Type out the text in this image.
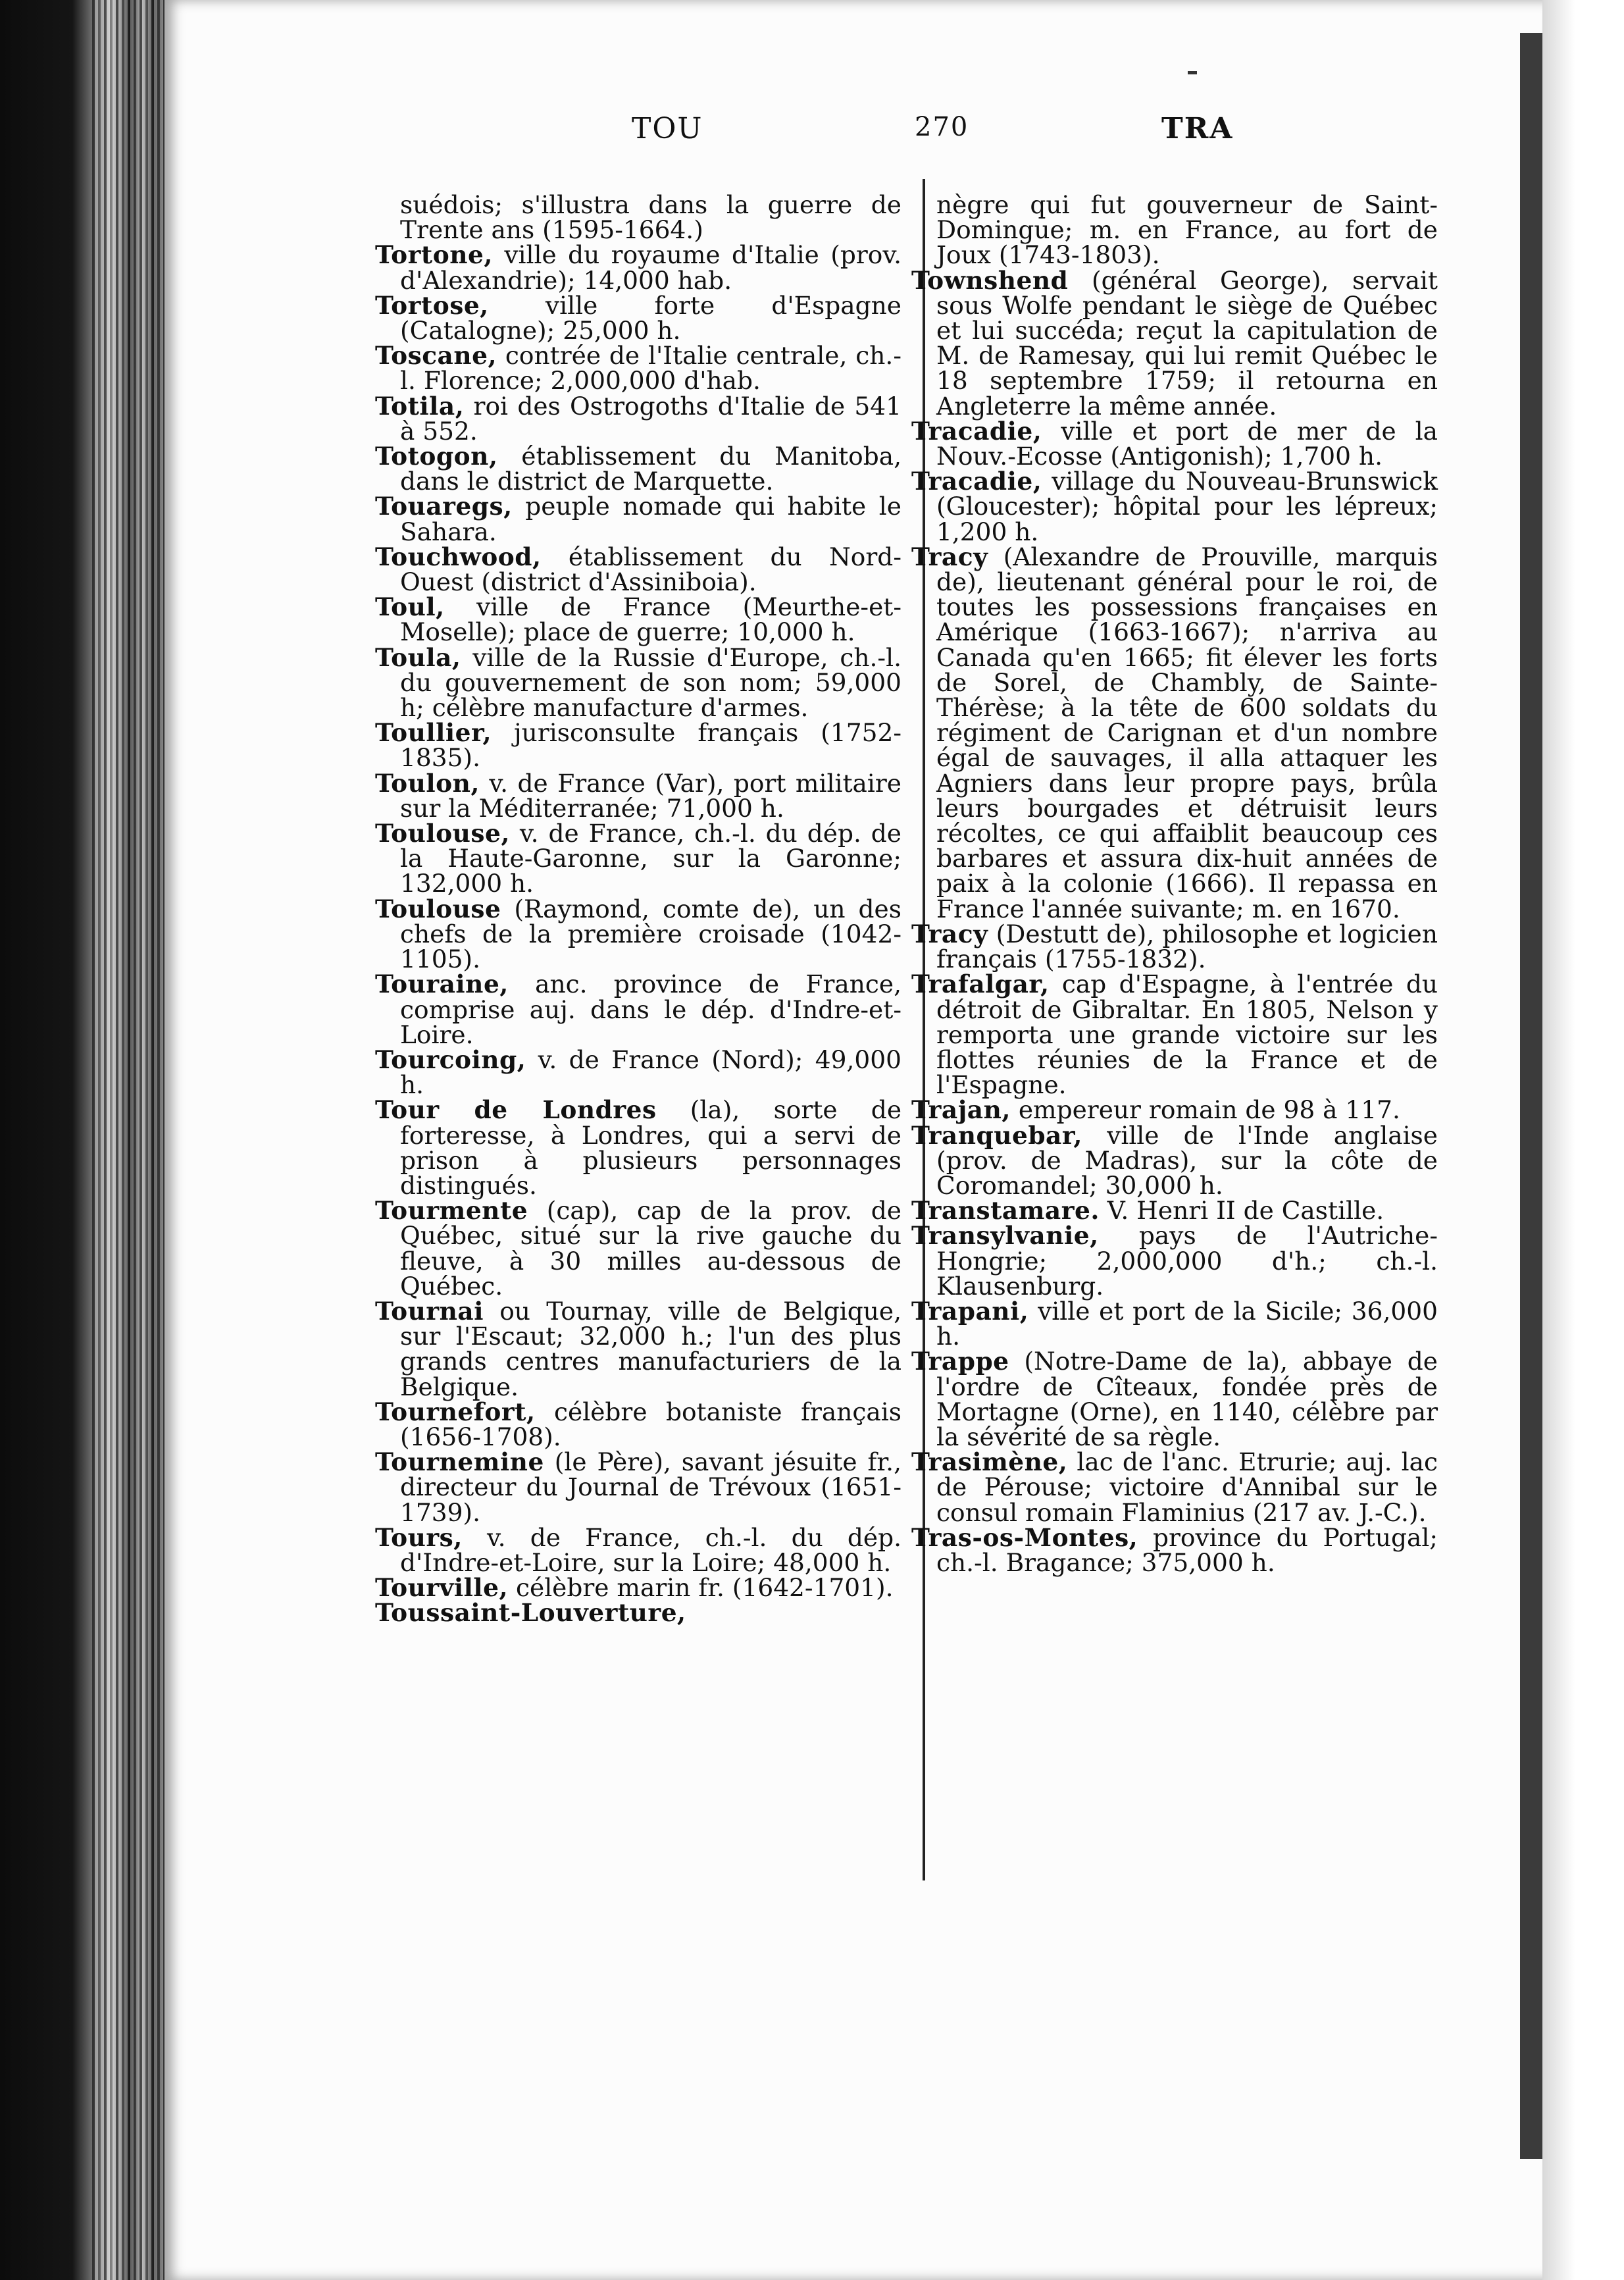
TOU	270	TRA

suédois; s'illustra dans la guerre de Trente ans (1595-1664.)

Tortone, ville du royaume d'Italie (prov. d'Alexandrie); 14,000 hab.

Tortose, ville forte d'Espagne (Catalogne); 25,000 h.

Toscane, contrée de l'Italie centrale, ch.-l. Florence; 2,000,000 d'hab.

Totila, roi des Ostrogoths d'Italie de 541 à 552.

Totogon, établissement du Manitoba, dans le district de Marquette.

Touaregs, peuple nomade qui habite le Sahara.

Touchwood, établissement du Nord-Ouest (district d'Assiniboia).

Toul, ville de France (Meurthe-et-Moselle); place de guerre; 10,000 h.

Toula, ville de la Russie d'Europe, ch.-l. du gouvernement de son nom; 59,000 h; célèbre manufacture d'armes.

Toullier, jurisconsulte français (1752-1835).

Toulon, v. de France (Var), port militaire sur la Méditerranée; 71,000 h.

Toulouse, v. de France, ch.-l. du dép. de la Haute-Garonne, sur la Garonne; 132,000 h.

Toulouse (Raymond, comte de), un des chefs de la première croisade (1042-1105).

Touraine, anc. province de France, comprise auj. dans le dép. d'Indre-et-Loire.

Tourcoing, v. de France (Nord); 49,000 h.

Tour de Londres (la), sorte de forteresse, à Londres, qui a servi de prison à plusieurs personnages distingués.

Tourmente (cap), cap de la prov. de Québec, situé sur la rive gauche du fleuve, à 30 milles au-dessous de Québec.

Tournai ou Tournay, ville de Belgique, sur l'Escaut; 32,000 h.; l'un des plus grands centres manufacturiers de la Belgique.

Tournefort, célèbre botaniste français (1656-1708).

Tournemine (le Père), savant jésuite fr., directeur du Journal de Trévoux (1651-1739).

Tours, v. de France, ch.-l. du dép. d'Indre-et-Loire, sur la Loire; 48,000 h.

Tourville, célèbre marin fr. (1642-1701).

Toussaint-Louverture,

nègre qui fut gouverneur de Saint-Domingue; m. en France, au fort de Joux (1743-1803).

Townshend (général George), servait sous Wolfe pendant le siège de Québec et lui succéda; reçut la capitulation de M. de Ramesay, qui lui remit Québec le 18 septembre 1759; il retourna en Angleterre la même année.

Tracadie, ville et port de mer de la Nouv.-Ecosse (Antigonish); 1,700 h.

Tracadie, village du Nouveau-Brunswick (Gloucester); hôpital pour les lépreux; 1,200 h.

Tracy (Alexandre de Prouville, marquis de), lieutenant général pour le roi, de toutes les possessions françaises en Amérique (1663-1667); n'arriva au Canada qu'en 1665; fit élever les forts de Sorel, de Chambly, de Sainte-Thérèse; à la tête de 600 soldats du régiment de Carignan et d'un nombre égal de sauvages, il alla attaquer les Agniers dans leur propre pays, brûla leurs bourgades et détruisit leurs récoltes, ce qui affaiblit beaucoup ces barbares et assura dix-huit années de paix à la colonie (1666). Il repassa en France l'année suivante; m. en 1670.

Tracy (Destutt de), philosophe et logicien français (1755-1832).

Trafalgar, cap d'Espagne, à l'entrée du détroit de Gibraltar. En 1805, Nelson y remporta une grande victoire sur les flottes réunies de la France et de l'Espagne.

Trajan, empereur romain de 98 à 117.

Tranquebar, ville de l'Inde anglaise (prov. de Madras), sur la côte de Coromandel; 30,000 h.

Transtamare. V. Henri II de Castille.

Transylvanie, pays de l'Autriche-Hongrie; 2,000,000 d'h.; ch.-l. Klausenburg.

Trapani, ville et port de la Sicile; 36,000 h.

Trappe (Notre-Dame de la), abbaye de l'ordre de Cîteaux, fondée près de Mortagne (Orne), en 1140, célèbre par la sévérité de sa règle.

Trasimène, lac de l'anc. Etrurie; auj. lac de Pérouse; victoire d'Annibal sur le consul romain Flaminius (217 av. J.-C.).

Tras-os-Montes, province du Portugal; ch.-l. Bragance; 375,000 h.
